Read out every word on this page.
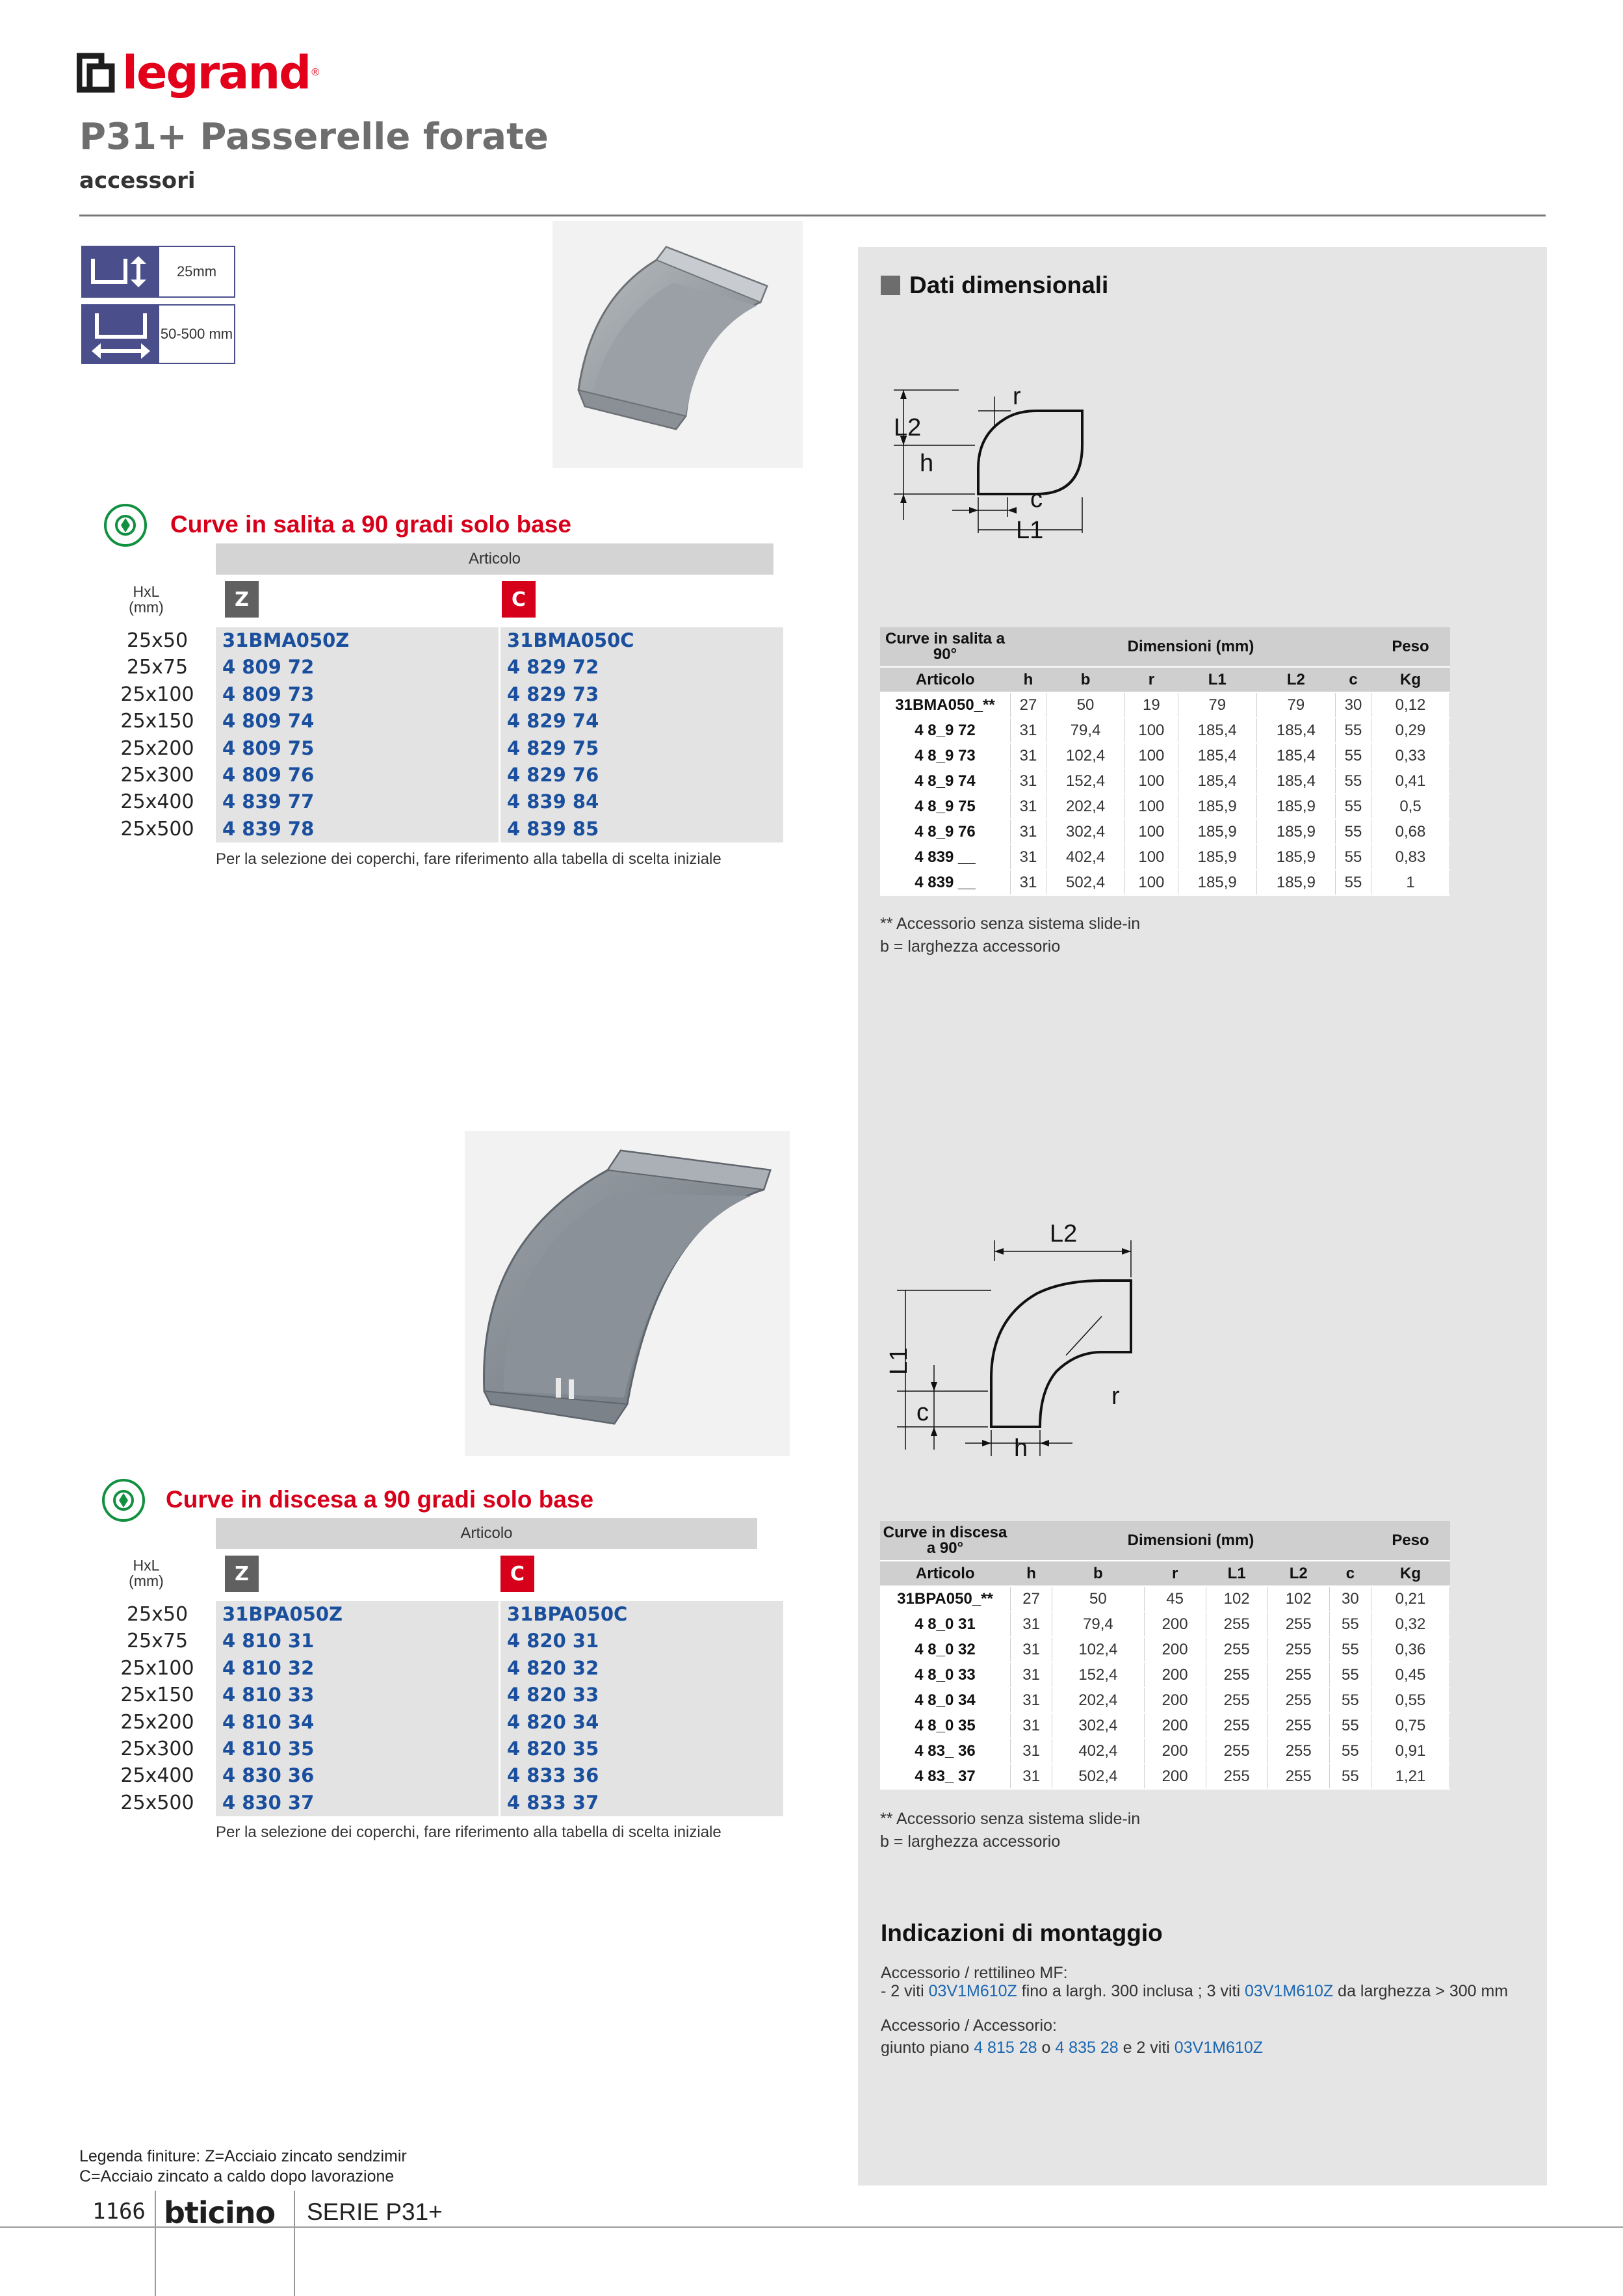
legrand ®
P31+ Passerelle forate
accessori
25mm
50-500 mm
Curve in salita a 90 gradi solo base
Articolo
HxL (mm)	Z	C
25x50	31BMA050Z	31BMA050C
25x75	4 809 72	4 829 72
25x100	4 809 73	4 829 73
25x150	4 809 74	4 829 74
25x200	4 809 75	4 829 75
25x300	4 809 76	4 829 76
25x400	4 839 77	4 839 84
25x500	4 839 78	4 839 85
Per la selezione dei coperchi, fare riferimento alla tabella di scelta iniziale
Curve in discesa a 90 gradi solo base
Articolo
HxL (mm)	Z	C
25x50	31BPA050Z	31BPA050C
25x75	4 810 31	4 820 31
25x100	4 810 32	4 820 32
25x150	4 810 33	4 820 33
25x200	4 810 34	4 820 34
25x300	4 810 35	4 820 35
25x400	4 830 36	4 833 36
25x500	4 830 37	4 833 37
Per la selezione dei coperchi, fare riferimento alla tabella di scelta iniziale
Dati dimensionali
r
L2
h
c
L1
Curve in salita a 90°	Dimensioni (mm)						Peso
Articolo	h	b	r	L1	L2	c	Kg
31BMA050_**	27	50	19	79	79	30	0,12
4 8_9 72	31	79,4	100	185,4	185,4	55	0,29
4 8_9 73	31	102,4	100	185,4	185,4	55	0,33
4 8_9 74	31	152,4	100	185,4	185,4	55	0,41
4 8_9 75	31	202,4	100	185,9	185,9	55	0,5
4 8_9 76	31	302,4	100	185,9	185,9	55	0,68
4 839 __	31	402,4	100	185,9	185,9	55	0,83
4 839 __	31	502,4	100	185,9	185,9	55	1
** Accessorio senza sistema slide-in
b = larghezza accessorio
L2
L1
r
c
h
Curve in discesa a 90°	Dimensioni (mm)						Peso
Articolo	h	b	r	L1	L2	c	Kg
31BPA050_**	27	50	45	102	102	30	0,21
4 8_0 31	31	79,4	200	255	255	55	0,32
4 8_0 32	31	102,4	200	255	255	55	0,36
4 8_0 33	31	152,4	200	255	255	55	0,45
4 8_0 34	31	202,4	200	255	255	55	0,55
4 8_0 35	31	302,4	200	255	255	55	0,75
4 83_ 36	31	402,4	200	255	255	55	0,91
4 83_ 37	31	502,4	200	255	255	55	1,21
** Accessorio senza sistema slide-in
b = larghezza accessorio
Indicazioni di montaggio
Accessorio / rettilineo MF:
- 2 viti 03V1M610Z fino a largh. 300 inclusa ; 3 viti 03V1M610Z da larghezza > 300 mm
Accessorio / Accessorio:
giunto piano 4 815 28 o 4 835 28 e 2 viti 03V1M610Z
Legenda finiture: Z=Acciaio zincato sendzimir
C=Acciaio zincato a caldo dopo lavorazione
1166 bticino SERIE P31+
